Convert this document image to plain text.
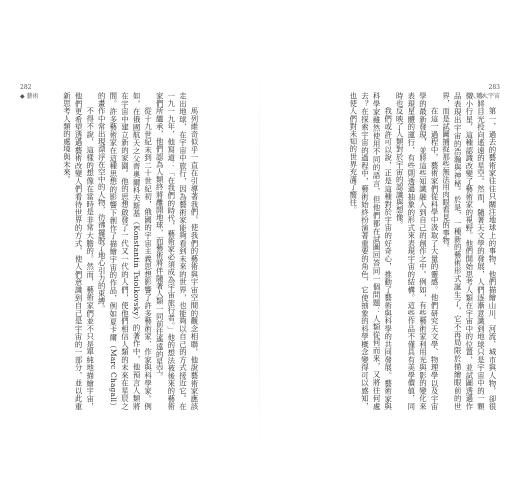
282
◆ 藝術

馬列維奇似乎一直在引導著我們，使我們的藝術與宇宙空間的觀念相聯，他說藝術家應該走出地球，在宇宙中旅行，因為藝術家能夠看到未來的世界，也能夠以自己的方式接近它。在一九一九年，他寫道：「在我們的時代，藝術家必須成為宇宙旅行者。」他的想法被後來的藝術家們所繼承，他們認為人類終將離開地球，而藝術將伴隨著人類一同前往遙遠的星空。

從十九世紀末到二十世紀初，俄國的宇宙主義思想影響了許多藝術家、作家與科學家。例如，在俄國航天之父齊奧爾科夫斯基（Konstantin Tsiolkovsky）的著作中，他預言人類將在宇宙中建立新的家園。他的思想啟發了一代又一代的人們，使他們相信人類的未來在星辰之間。許多藝術家在這種思想的影響下創作了描繪宇宙的作品，例如夏卡爾（Marc Chagall）的畫作中常出現漂浮在空中的人物，彷彿擺脫了地心引力的束縛。

不得不說，這樣的想像在當時是非常大膽的。然而，藝術家們並不只是單純地描繪宇宙，他們更希望透過藝術改變人們看待世界的方式，使人們意識到自己是宇宙的一部分，並以此重新思考人類的處境與未來。

283
人類大宇宙

第一，過去的藝術家往往只關注地球上的事物，他們描繪山川、河流、城市與人物，卻很少將目光投向遙遠的星空。然而，隨著天文學的發展，人們逐漸意識到地球只是宇宙中的一顆微小行星，這種認識改變了藝術家的視野。他們開始思考人類在宇宙中的位置，並試圖透過作品表現出宇宙的浩瀚與神秘。於是，一種新的藝術形式誕生了，它不再局限於描繪眼前的世界，而是試圖捕捉那些無法用肉眼看見的事物。

在這一過程中，藝術家們從科學中汲取了大量的靈感。他們研究天文學、物理學以及宇宙學的最新發現，並將這些知識融入到自己的創作之中。例如，有些藝術家利用光與影的變化來表現星體的運行，有些則透過抽象的形式來表現宇宙的結構。這些作品不僅具有美學價值，同時也反映了人類對於宇宙的認識與想像。

我們或許可以說，正是這種對於宇宙的好奇心，推動了藝術與科學的共同發展。藝術家與科學家雖然使用不同的語言，但他們都在試圖回答同一個問題：人類從何而來，又將往何處去？在探索宇宙的過程中，藝術始終扮演著重要的角色，它使抽象的科學概念變得可以感知，也使人們對未知的世界充滿了嚮往。
